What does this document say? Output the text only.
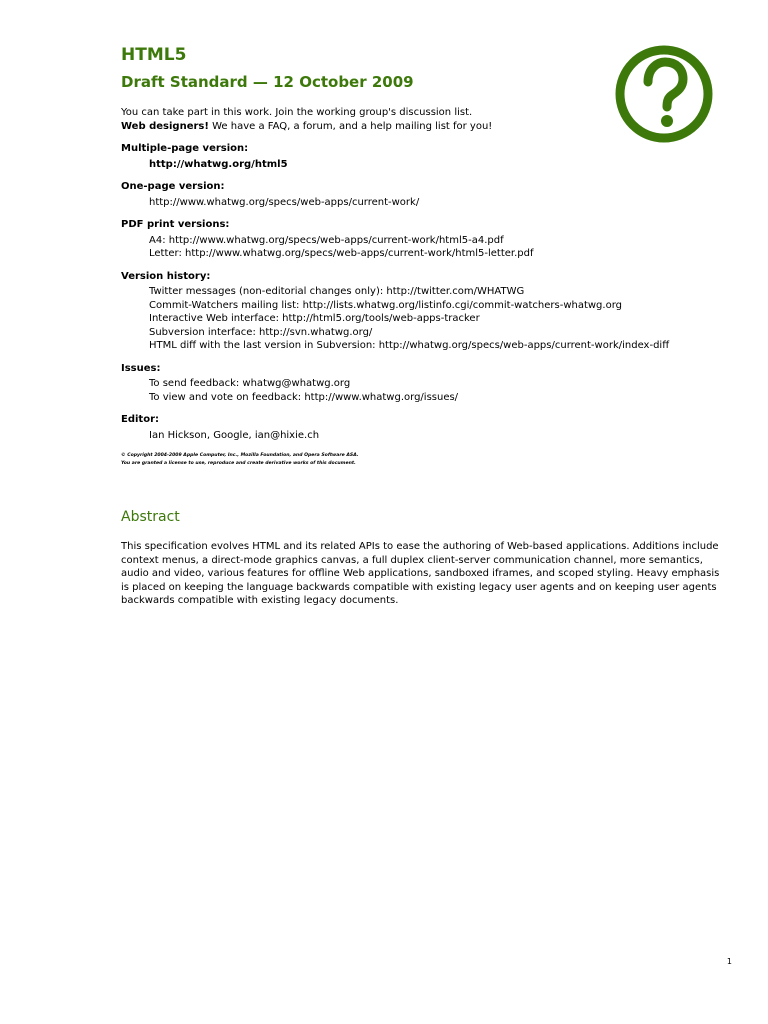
HTML5
Draft Standard — 12 October 2009

You can take part in this work. Join the working group's discussion list.

Web designers! We have a FAQ, a forum, and a help mailing list for you!

Multiple-page version:
http://whatwg.org/html5
One-page version:
http://www.whatwg.org/specs/web-apps/current-work/
PDF print versions:
A4: http://www.whatwg.org/specs/web-apps/current-work/html5-a4.pdf
Letter: http://www.whatwg.org/specs/web-apps/current-work/html5-letter.pdf
Version history:
Twitter messages (non-editorial changes only): http://twitter.com/WHATWG
Commit-Watchers mailing list: http://lists.whatwg.org/listinfo.cgi/commit-watchers-whatwg.org
Interactive Web interface: http://html5.org/tools/web-apps-tracker
Subversion interface: http://svn.whatwg.org/
HTML diff with the last version in Subversion: http://whatwg.org/specs/web-apps/current-work/index-diff
Issues:
To send feedback: whatwg@whatwg.org
To view and vote on feedback: http://www.whatwg.org/issues/
Editor:
Ian Hickson, Google, ian@hixie.ch
© Copyright 2004-2009 Apple Computer, Inc., Mozilla Foundation, and Opera Software ASA.
You are granted a license to use, reproduce and create derivative works of this document.
Abstract

This specification evolves HTML and its related APIs to ease the authoring of Web-based applications. Additions include context menus, a direct-mode graphics canvas, a full duplex client-server communication channel, more semantics, audio and video, various features for offline Web applications, sandboxed iframes, and scoped styling. Heavy emphasis is placed on keeping the language backwards compatible with existing legacy user agents and on keeping user agents backwards compatible with existing legacy documents.

1
